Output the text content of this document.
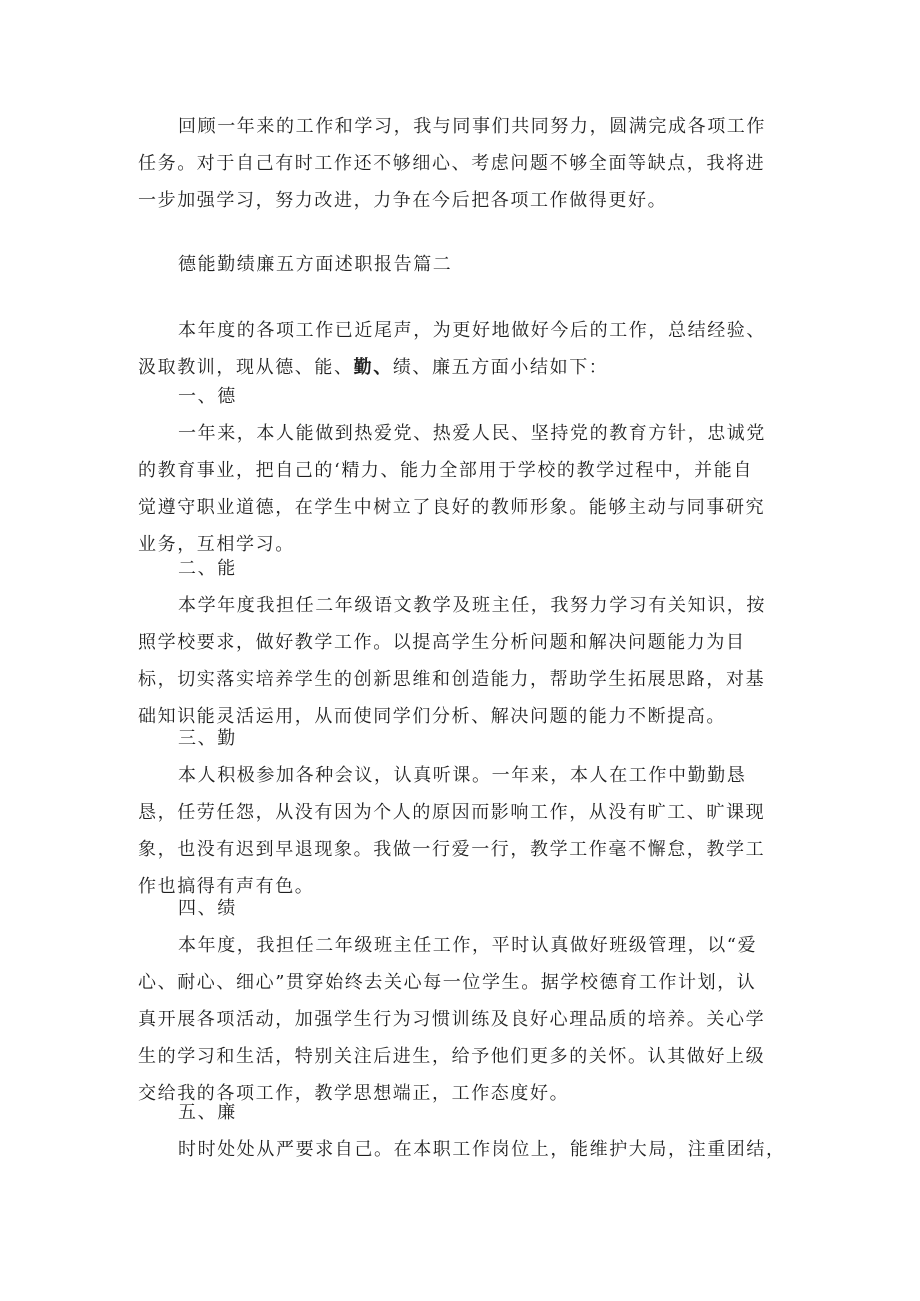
回顾一年来的工作和学习，我与同事们共同努力，圆满完成各项工作
任务。对于自己有时工作还不够细心、考虑问题不够全面等缺点，我将进
一步加强学习，努力改进，力争在今后把各项工作做得更好。
德能勤绩廉五方面述职报告篇二
本年度的各项工作已近尾声，为更好地做好今后的工作，总结经验、
汲取教训，现从德、能、勤、绩、廉五方面小结如下：
一、德
一年来，本人能做到热爱党、热爱人民、坚持党的教育方针，忠诚党
的教育事业，把自己的‘精力、能力全部用于学校的教学过程中，并能自
觉遵守职业道德，在学生中树立了良好的教师形象。能够主动与同事研究
业务，互相学习。
二、能
本学年度我担任二年级语文教学及班主任，我努力学习有关知识，按
照学校要求，做好教学工作。以提高学生分析问题和解决问题能力为目
标，切实落实培养学生的创新思维和创造能力，帮助学生拓展思路，对基
础知识能灵活运用，从而使同学们分析、解决问题的能力不断提高。
三、勤
本人积极参加各种会议，认真听课。一年来，本人在工作中勤勤恳
恳，任劳任怨，从没有因为个人的原因而影响工作，从没有旷工、旷课现
象，也没有迟到早退现象。我做一行爱一行，教学工作毫不懈怠，教学工
作也搞得有声有色。
四、绩
本年度，我担任二年级班主任工作，平时认真做好班级管理，以“爱
心、耐心、细心”贯穿始终去关心每一位学生。据学校德育工作计划，认
真开展各项活动，加强学生行为习惯训练及良好心理品质的培养。关心学
生的学习和生活，特别关注后进生，给予他们更多的关怀。认其做好上级
交给我的各项工作，教学思想端正，工作态度好。
五、廉
时时处处从严要求自己。在本职工作岗位上，能维护大局，注重团结，
